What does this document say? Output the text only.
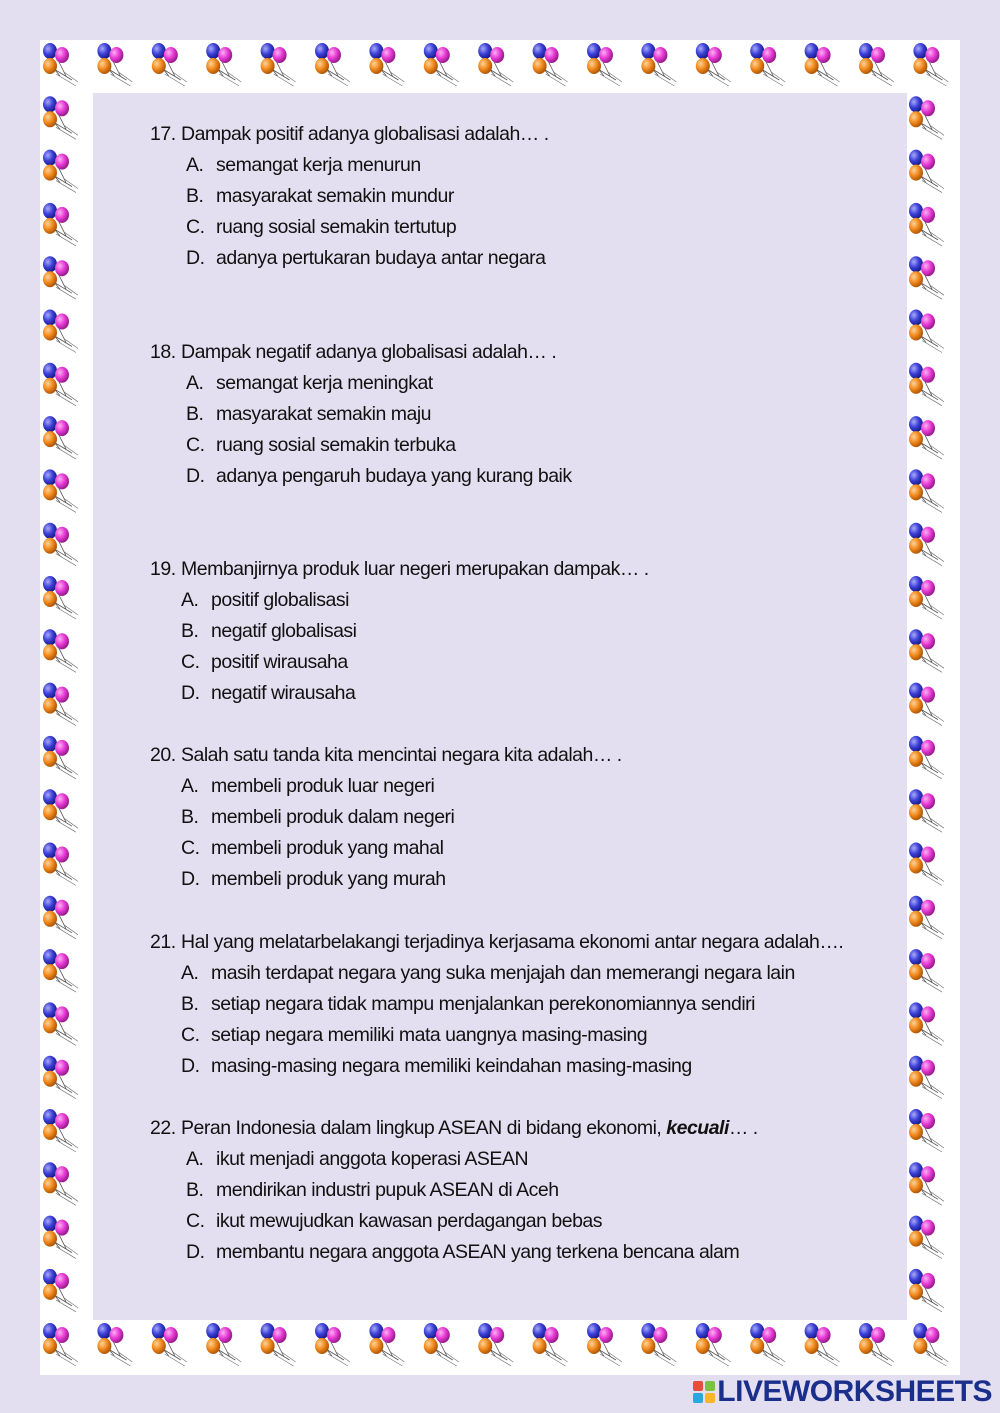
17. Dampak positif adanya globalisasi adalah… .
A. semangat kerja menurun
B. masyarakat semakin mundur
C. ruang sosial semakin tertutup
D. adanya pertukaran budaya antar negara
18. Dampak negatif adanya globalisasi adalah… .
A. semangat kerja meningkat
B. masyarakat semakin maju
C. ruang sosial semakin terbuka
D. adanya pengaruh budaya yang kurang baik
19. Membanjirnya produk luar negeri merupakan dampak… .
A. positif globalisasi
B. negatif globalisasi
C. positif wirausaha
D. negatif wirausaha
20. Salah satu tanda kita mencintai negara kita adalah… .
A. membeli produk luar negeri
B. membeli produk dalam negeri
C. membeli produk yang mahal
D. membeli produk yang murah
21. Hal yang melatarbelakangi terjadinya kerjasama ekonomi antar negara adalah….
A. masih terdapat negara yang suka menjajah dan memerangi negara lain
B. setiap negara tidak mampu menjalankan perekonomiannya sendiri
C. setiap negara memiliki mata uangnya masing-masing
D. masing-masing negara memiliki keindahan masing-masing
22. Peran Indonesia dalam lingkup ASEAN di bidang ekonomi, kecuali… .
A. ikut menjadi anggota koperasi ASEAN
B. mendirikan industri pupuk ASEAN di Aceh
C. ikut mewujudkan kawasan perdagangan bebas
D. membantu negara anggota ASEAN yang terkena bencana alam
LIVEWORKSHEETS
